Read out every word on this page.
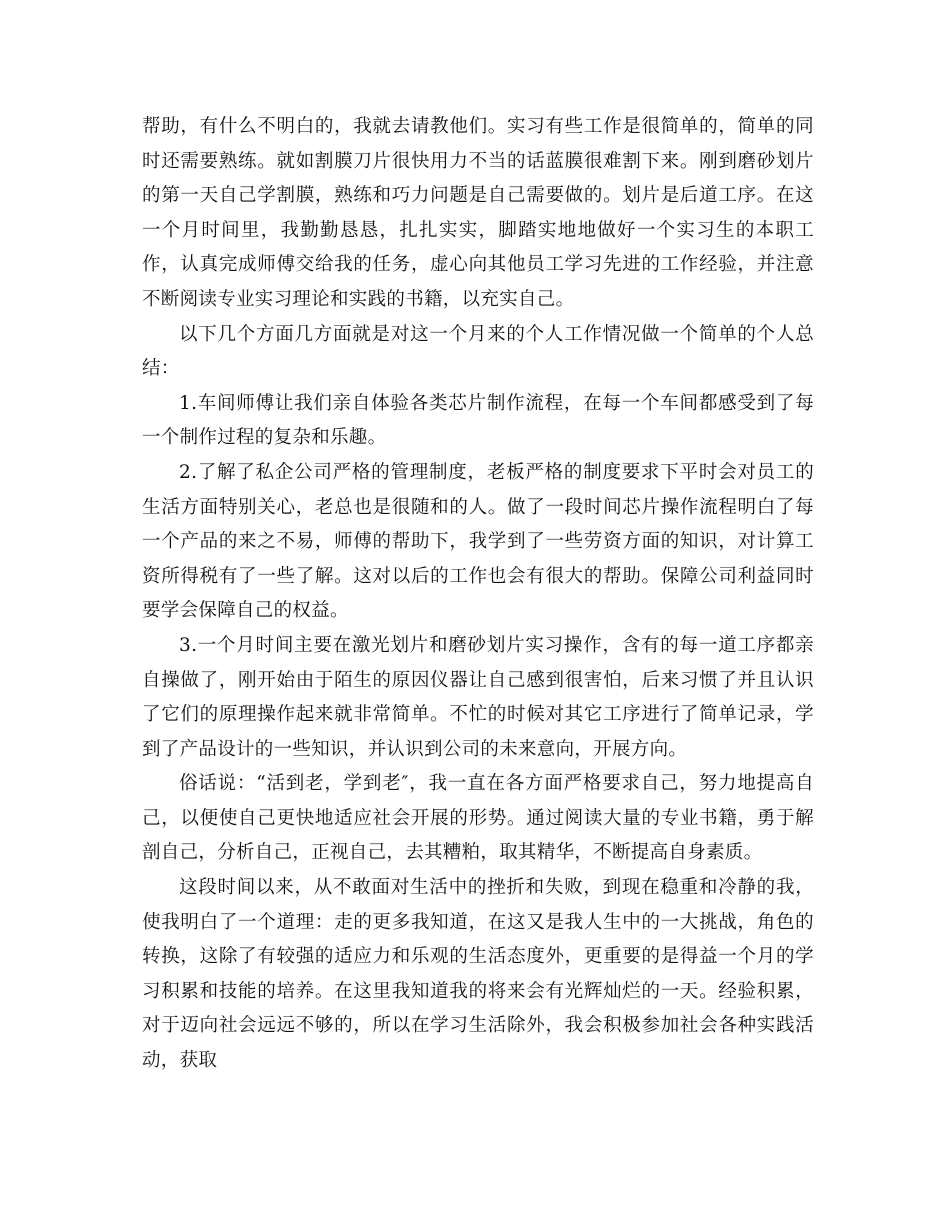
帮助，有什么不明白的，我就去请教他们。实习有些工作是很简单的，简单的同时还需要熟练。就如割膜刀片很快用力不当的话蓝膜很难割下来。刚到磨砂划片的第一天自己学割膜，熟练和巧力问题是自己需要做的。划片是后道工序。在这一个月时间里，我勤勤恳恳，扎扎实实，脚踏实地地做好一个实习生的本职工作，认真完成师傅交给我的任务，虚心向其他员工学习先进的工作经验，并注意不断阅读专业实习理论和实践的书籍，以充实自己。

以下几个方面几方面就是对这一个月来的个人工作情况做一个简单的个人总结：

1.车间师傅让我们亲自体验各类芯片制作流程，在每一个车间都感受到了每一个制作过程的复杂和乐趣。

2.了解了私企公司严格的管理制度，老板严格的制度要求下平时会对员工的生活方面特别关心，老总也是很随和的人。做了一段时间芯片操作流程明白了每一个产品的来之不易，师傅的帮助下，我学到了一些劳资方面的知识，对计算工资所得税有了一些了解。这对以后的工作也会有很大的帮助。保障公司利益同时要学会保障自己的权益。

3.一个月时间主要在激光划片和磨砂划片实习操作，含有的每一道工序都亲自操做了，刚开始由于陌生的原因仪器让自己感到很害怕，后来习惯了并且认识了它们的原理操作起来就非常简单。不忙的时候对其它工序进行了简单记录，学到了产品设计的一些知识，并认识到公司的未来意向，开展方向。

俗话说：“活到老，学到老″，我一直在各方面严格要求自己，努力地提高自己，以便使自己更快地适应社会开展的形势。通过阅读大量的专业书籍，勇于解剖自己，分析自己，正视自己，去其糟粕，取其精华，不断提高自身素质。

这段时间以来，从不敢面对生活中的挫折和失败，到现在稳重和冷静的我，使我明白了一个道理：走的更多我知道，在这又是我人生中的一大挑战，角色的转换，这除了有较强的适应力和乐观的生活态度外，更重要的是得益一个月的学习积累和技能的培养。在这里我知道我的将来会有光辉灿烂的一天。经验积累，对于迈向社会远远不够的，所以在学习生活除外，我会积极参加社会各种实践活动，获取
